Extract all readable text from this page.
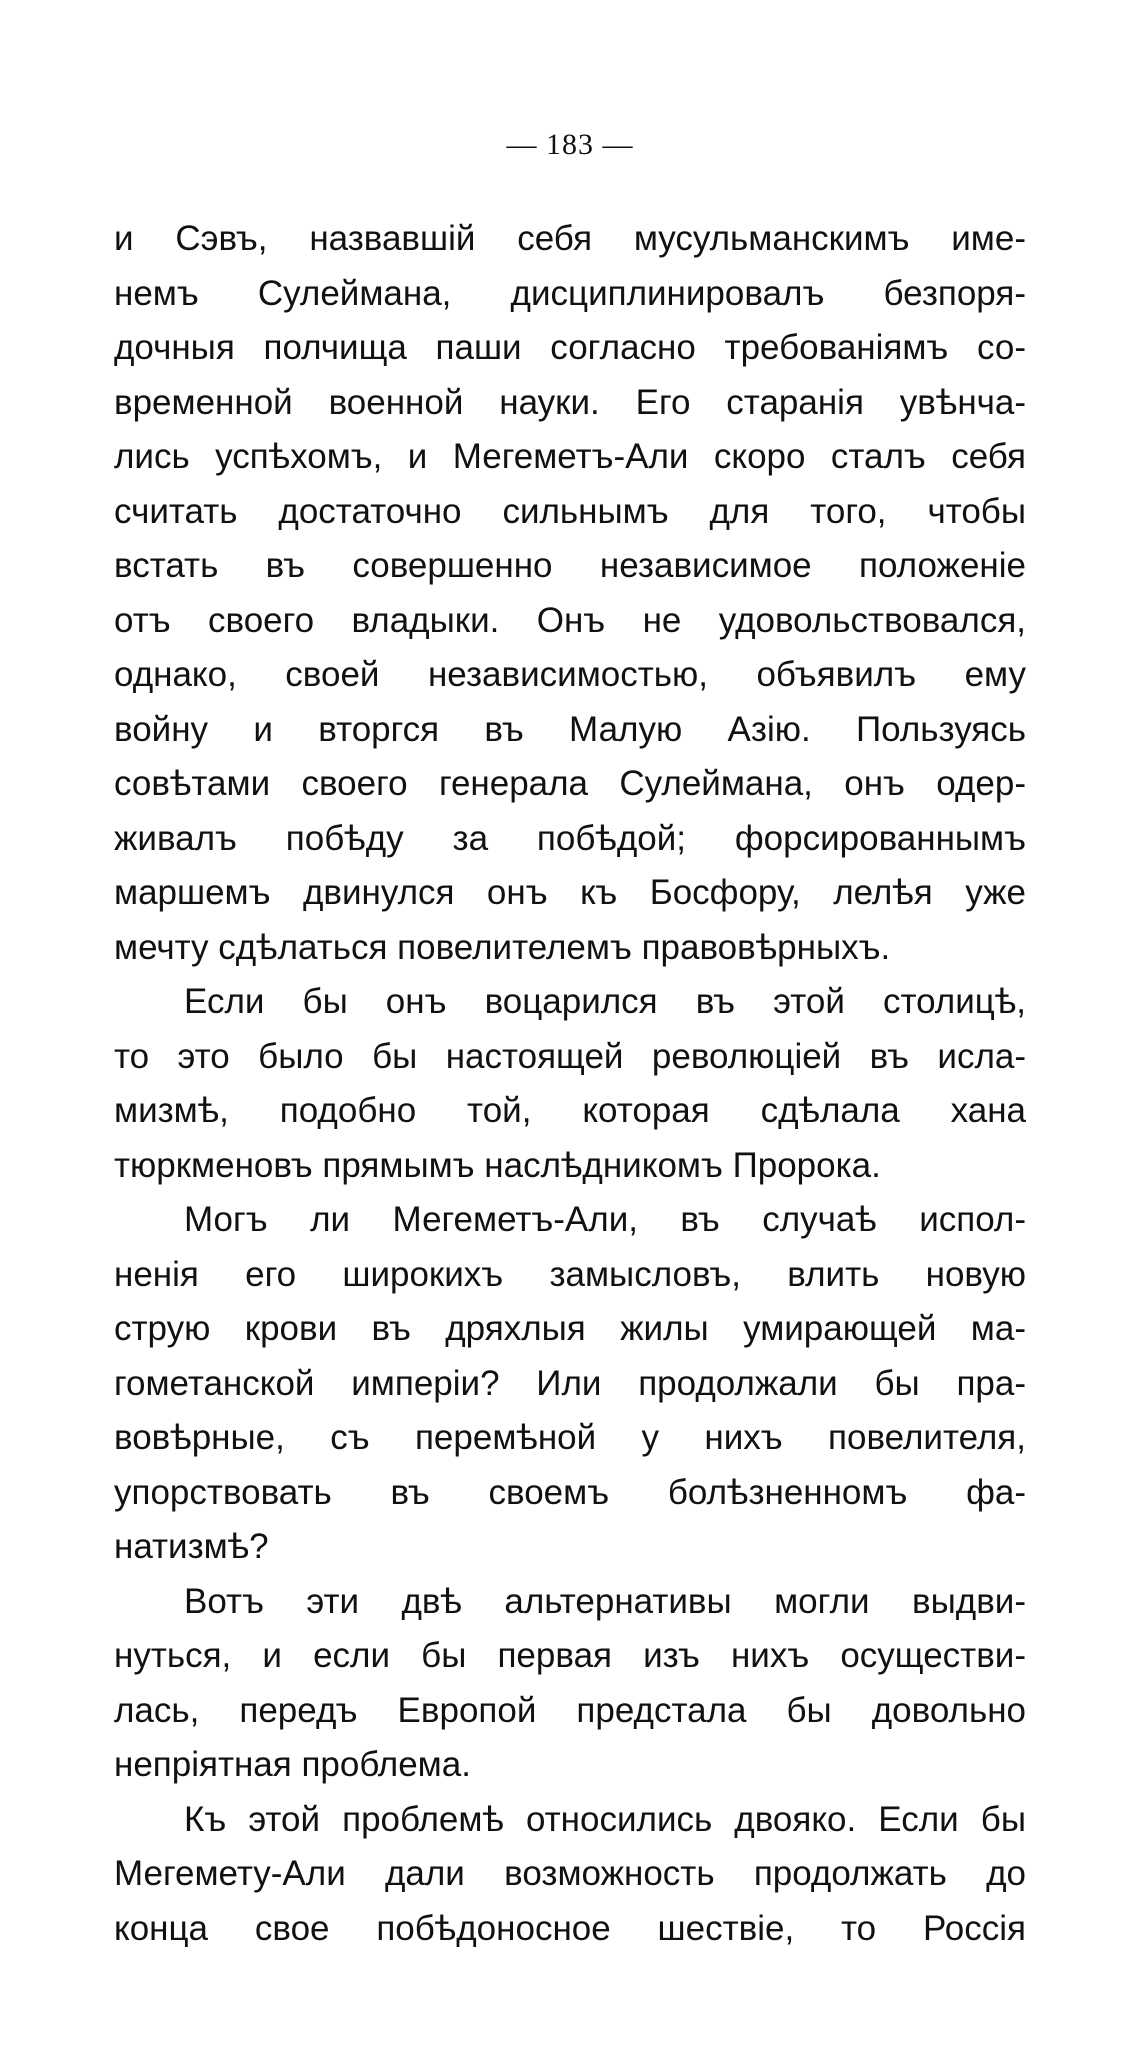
— 183 —
и Сэвъ, назвавшій себя мусульманскимъ име-
немъ Сулеймана, дисциплинировалъ безпоря-
дочныя полчища паши согласно требованіямъ со-
временной военной науки. Его старанія увѣнча-
лись успѣхомъ, и Мегеметъ-Али скоро сталъ себя
считать достаточно сильнымъ для того, чтобы
встать въ совершенно независимое положеніе
отъ своего владыки. Онъ не удовольствовался,
однако, своей независимостью, объявилъ ему
войну и вторгся въ Малую Азію. Пользуясь
совѣтами своего генерала Сулеймана, онъ одер-
живалъ побѣду за побѣдой; форсированнымъ
маршемъ двинулся онъ къ Босфору, лелѣя уже
мечту сдѣлаться повелителемъ правовѣрныхъ.
Если бы онъ воцарился въ этой столицѣ,
то это было бы настоящей революціей въ исла-
мизмѣ, подобно той, которая сдѣлала хана
тюркменовъ прямымъ наслѣдникомъ Пророка.
Могъ ли Мегеметъ-Али, въ случаѣ испол-
ненія его широкихъ замысловъ, влить новую
струю крови въ дряхлыя жилы умирающей ма-
гометанской имперіи? Или продолжали бы пра-
вовѣрные, съ перемѣной у нихъ повелителя,
упорствовать въ своемъ болѣзненномъ фа-
натизмѣ?
Вотъ эти двѣ альтернативы могли выдви-
нуться, и если бы первая изъ нихъ осуществи-
лась, передъ Европой предстала бы довольно
непріятная проблема.
Къ этой проблемѣ относились двояко. Если бы
Мегемету-Али дали возможность продолжать до
конца свое побѣдоносное шествіе, то Россія
